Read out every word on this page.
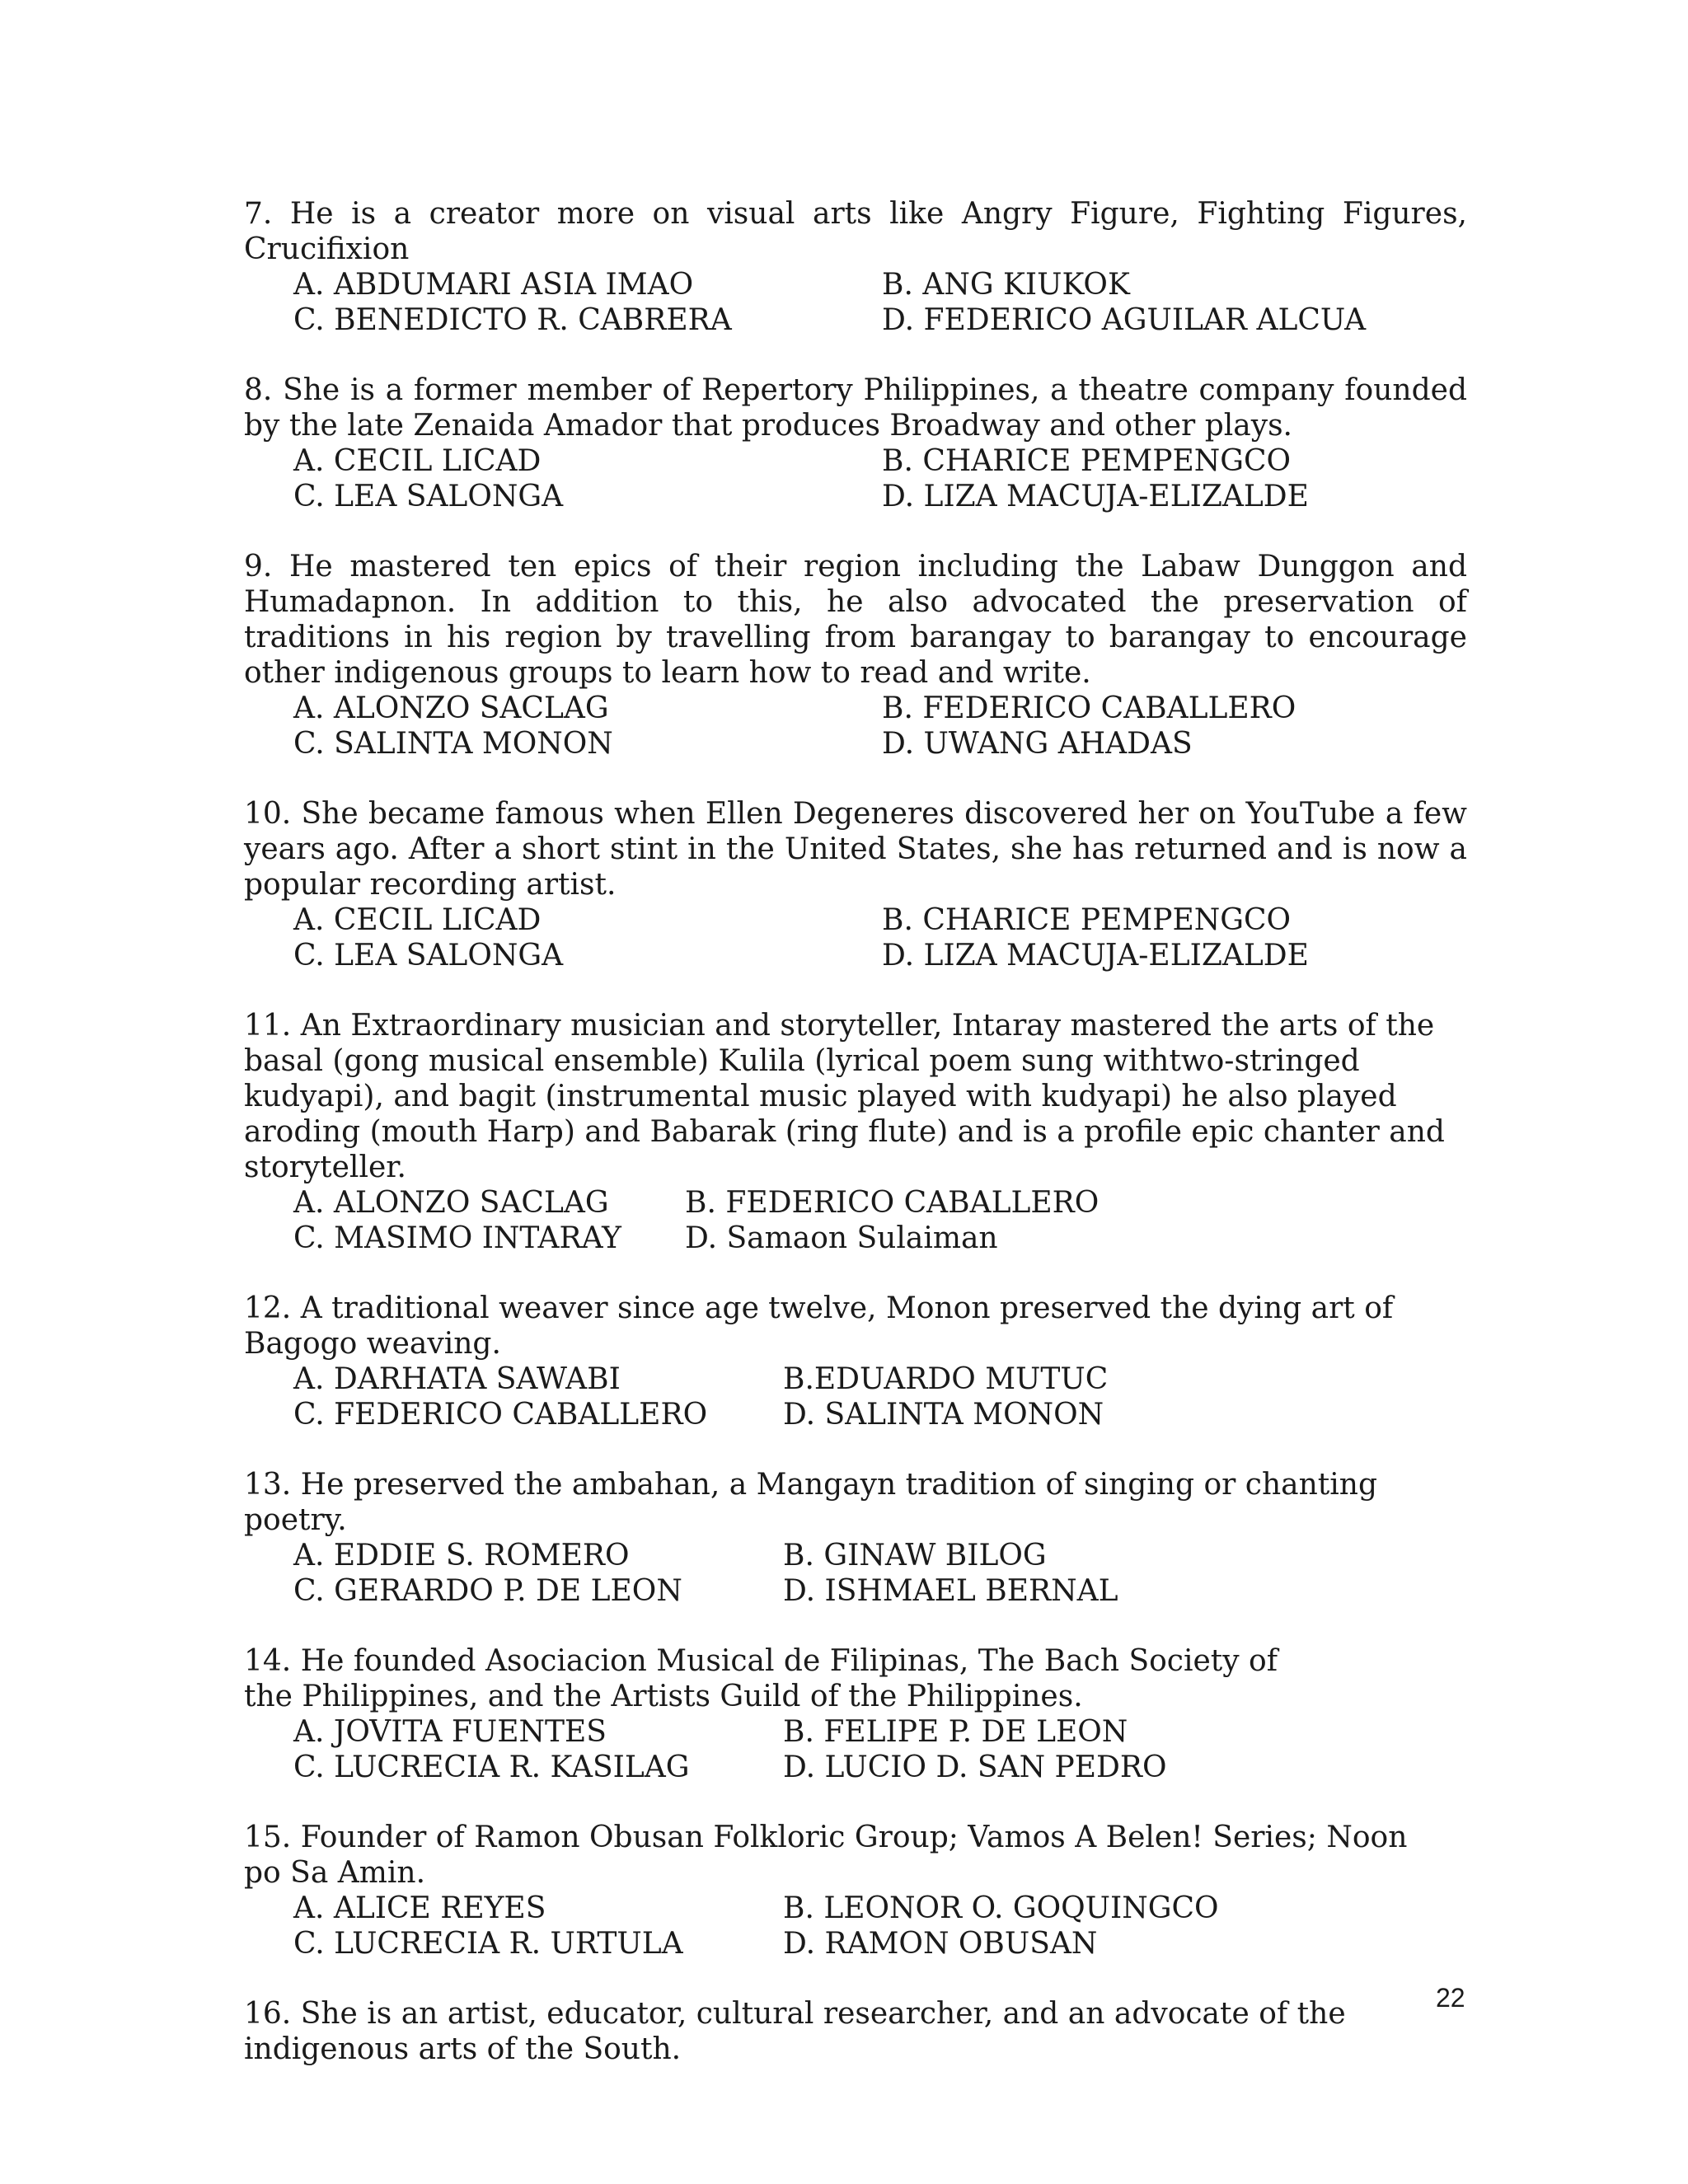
7. He is a creator more on visual arts like Angry Figure, Fighting Figures, Crucifixion

A. ABDUMARI ASIA IMAO	B. ANG KIUKOK
C. BENEDICTO R. CABRERA	D. FEDERICO AGUILAR ALCUA

8. She is a former member of Repertory Philippines, a theatre company founded by the late Zenaida Amador that produces Broadway and other plays.

A. CECIL LICAD	B. CHARICE PEMPENGCO
C. LEA SALONGA	D. LIZA MACUJA-ELIZALDE

9. He mastered ten epics of their region including the Labaw Dunggon and Humadapnon. In addition to this, he also advocated the preservation of traditions in his region by travelling from barangay to barangay to encourage other indigenous groups to learn how to read and write.

A. ALONZO SACLAG	B. FEDERICO CABALLERO
C. SALINTA MONON	D. UWANG AHADAS

10. She became famous when Ellen Degeneres discovered her on YouTube a few years ago. After a short stint in the United States, she has returned and is now a popular recording artist.

A. CECIL LICAD	B. CHARICE PEMPENGCO
C. LEA SALONGA	D. LIZA MACUJA-ELIZALDE

11. An Extraordinary musician and storyteller, Intaray mastered the arts of the basal (gong musical ensemble) Kulila (lyrical poem sung withtwo-stringed kudyapi), and bagit (instrumental music played with kudyapi) he also played aroding (mouth Harp) and Babarak (ring flute) and is a profile epic chanter and storyteller.

A. ALONZO SACLAG	B. FEDERICO CABALLERO
C. MASIMO INTARAY	D. Samaon Sulaiman

12. A traditional weaver since age twelve, Monon preserved the dying art of Bagogo weaving.

A. DARHATA SAWABI	B.EDUARDO MUTUC
C. FEDERICO CABALLERO	D. SALINTA MONON

13. He preserved the ambahan, a Mangayn tradition of singing or chanting poetry.

A. EDDIE S. ROMERO	B. GINAW BILOG
C. GERARDO P. DE LEON	D. ISHMAEL BERNAL

14. He founded Asociacion Musical de Filipinas, The Bach Society of the Philippines, and the Artists Guild of the Philippines.

A. JOVITA FUENTES	B. FELIPE P. DE LEON
C. LUCRECIA R. KASILAG	D. LUCIO D. SAN PEDRO

15. Founder of Ramon Obusan Folkloric Group; Vamos A Belen! Series; Noon po Sa Amin.

A. ALICE REYES	B. LEONOR O. GOQUINGCO
C. LUCRECIA R. URTULA	D. RAMON OBUSAN

16. She is an artist, educator, cultural researcher, and an advocate of the indigenous arts of the South.

22
